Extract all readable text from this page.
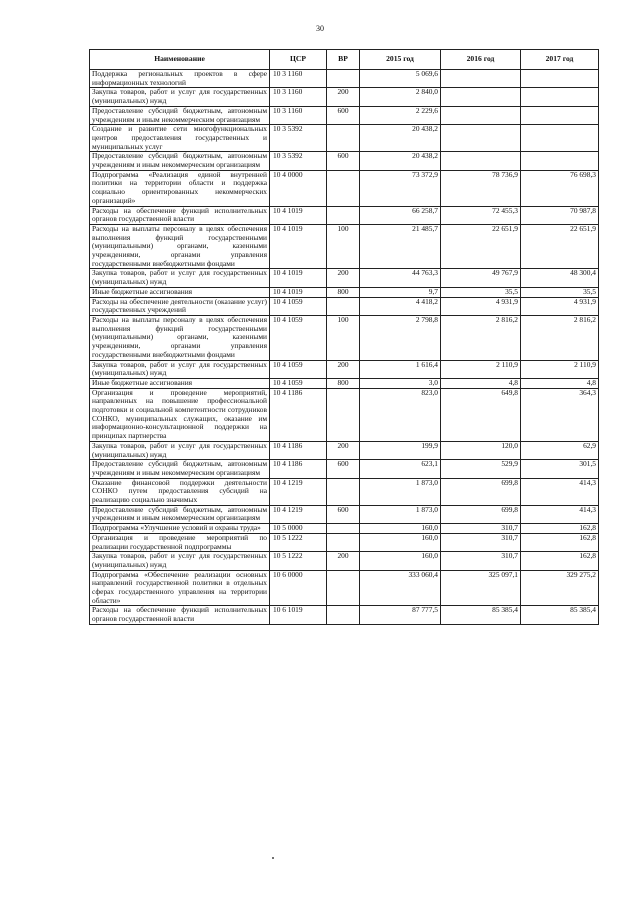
30
Наименование	ЦСР	ВР	2015 год	2016 год	2017 год
Поддержка региональных проектов в сфере информационных технологий	10 3 1160		5 069,6		
Закупка товаров, работ и услуг для государственных (муниципальных) нужд	10 3 1160	200	2 840,0		
Предоставление субсидий бюджетным, автономным учреждениям и иным некоммерческим организациям	10 3 1160	600	2 229,6		
Создание и развитие сети многофункциональных центров предоставления государственных и муниципальных услуг	10 3 5392		20 438,2		
Предоставление субсидий бюджетным, автономным учреждениям и иным некоммерческим организациям	10 3 5392	600	20 438,2		
Подпрограмма «Реализация единой внутренней политики на территории области и поддержка социально ориентированных некоммерческих организаций»	10 4 0000		73 372,9	78 736,9	76 698,3
Расходы на обеспечение функций исполнительных органов государственной власти	10 4 1019		66 258,7	72 455,3	70 987,8
Расходы на выплаты персоналу в целях обеспечения выполнения функций государственными (муниципальными) органами, казенными учреждениями, органами управления государственными внебюджетными фондами	10 4 1019	100	21 485,7	22 651,9	22 651,9
Закупка товаров, работ и услуг для государственных (муниципальных) нужд	10 4 1019	200	44 763,3	49 767,9	48 300,4
Иные бюджетные ассигнования	10 4 1019	800	9,7	35,5	35,5
Расходы на обеспечение деятельности (оказание услуг) государственных учреждений	10 4 1059		4 418,2	4 931,9	4 931,9
Расходы на выплаты персоналу в целях обеспечения выполнения функций государственными (муниципальными) органами, казенными учреждениями, органами управления государственными внебюджетными фондами	10 4 1059	100	2 798,8	2 816,2	2 816,2
Закупка товаров, работ и услуг для государственных (муниципальных) нужд	10 4 1059	200	1 616,4	2 110,9	2 110,9
Иные бюджетные ассигнования	10 4 1059	800	3,0	4,8	4,8
Организация и проведение мероприятий, направленных на повышение профессиональной подготовки и социальной компетентности сотрудников СОНКО, муниципальных служащих, оказание им информационно-консультационной поддержки на принципах партнерства	10 4 1186		823,0	649,8	364,3
Закупка товаров, работ и услуг для государственных (муниципальных) нужд	10 4 1186	200	199,9	120,0	62,9
Предоставление субсидий бюджетным, автономным учреждениям и иным некоммерческим организациям	10 4 1186	600	623,1	529,9	301,5
Оказание финансовой поддержки деятельности СОНКО путем предоставления субсидий на реализацию социально значимых	10 4 1219		1 873,0	699,8	414,3
Предоставление субсидий бюджетным, автономным учреждениям и иным некоммерческим организациям	10 4 1219	600	1 873,0	699,8	414,3
Подпрограмма «Улучшение условий и охраны труда»	10 5 0000		160,0	310,7	162,8
Организация и проведение мероприятий по реализации государственной подпрограммы	10 5 1222		160,0	310,7	162,8
Закупка товаров, работ и услуг для государственных (муниципальных) нужд	10 5 1222	200	160,0	310,7	162,8
Подпрограмма «Обеспечение реализации основных направлений государственной политики в отдельных сферах государственного управления на территории области»	10 6 0000		333 060,4	325 097,1	329 275,2
Расходы на обеспечение функций исполнительных органов государственной власти	10 6 1019		87 777,5	85 385,4	85 385,4
